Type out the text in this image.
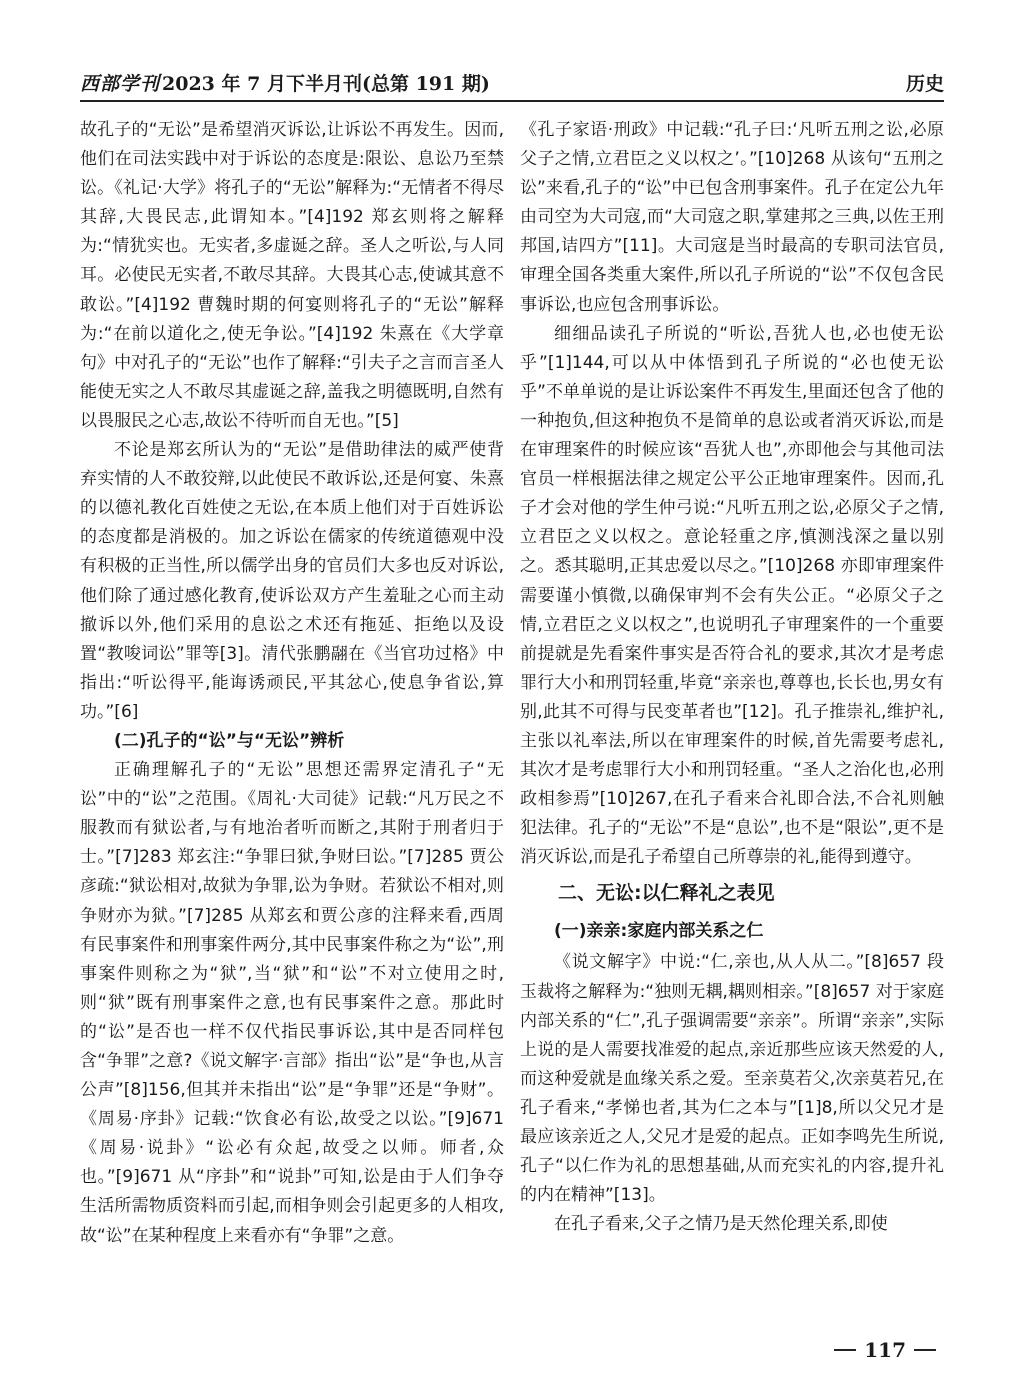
西部学刊 2023 年 7 月下半月刊(总第 191 期)	历史

故孔子的“无讼”是希望消灭诉讼,让诉讼不再发生。因而,他们在司法实践中对于诉讼的态度是:限讼、息讼乃至禁讼。《礼记·大学》将孔子的“无讼”解释为:“无情者不得尽其辞,大畏民志,此谓知本。”[4]192 郑玄则将之解释为:“情犹实也。无实者,多虚诞之辞。圣人之听讼,与人同耳。必使民无实者,不敢尽其辞。大畏其心志,使诚其意不敢讼。”[4]192 曹魏时期的何宴则将孔子的“无讼”解释为:“在前以道化之,使无争讼。”[4]192 朱熹在《大学章句》中对孔子的“无讼”也作了解释:“引夫子之言而言圣人能使无实之人不敢尽其虚诞之辞,盖我之明德既明,自然有以畏服民之心志,故讼不待听而自无也。”[5]

不论是郑玄所认为的“无讼”是借助律法的威严使背弃实情的人不敢狡辩,以此使民不敢诉讼,还是何宴、朱熹的以德礼教化百姓使之无讼,在本质上他们对于百姓诉讼的态度都是消极的。加之诉讼在儒家的传统道德观中没有积极的正当性,所以儒学出身的官员们大多也反对诉讼,他们除了通过感化教育,使诉讼双方产生羞耻之心而主动撤诉以外,他们采用的息讼之术还有拖延、拒绝以及设置“教唆词讼”罪等[3]。清代张鹏翮在《当官功过格》中指出:“听讼得平,能诲诱顽民,平其忿心,使息争省讼,算功。”[6]

(二)孔子的“讼”与“无讼”辨析

正确理解孔子的“无讼”思想还需界定清孔子“无讼”中的“讼”之范围。《周礼·大司徒》记载:“凡万民之不服教而有狱讼者,与有地治者听而断之,其附于刑者归于士。”[7]283 郑玄注:“争罪曰狱,争财曰讼。”[7]285 贾公彦疏:“狱讼相对,故狱为争罪,讼为争财。若狱讼不相对,则争财亦为狱。”[7]285 从郑玄和贾公彦的注释来看,西周有民事案件和刑事案件两分,其中民事案件称之为“讼”,刑事案件则称之为“狱”,当“狱”和“讼”不对立使用之时,则“狱”既有刑事案件之意,也有民事案件之意。那此时的“讼”是否也一样不仅代指民事诉讼,其中是否同样包含“争罪”之意?《说文解字·言部》指出“讼”是“争也,从言公声”[8]156,但其并未指出“讼”是“争罪”还是“争财”。《周易·序卦》记载:“饮食必有讼,故受之以讼。”[9]671《周易·说卦》“讼必有众起,故受之以师。师者,众也。”[9]671 从“序卦”和“说卦”可知,讼是由于人们争夺生活所需物质资料而引起,而相争则会引起更多的人相攻,故“讼”在某种程度上来看亦有“争罪”之意。

《孔子家语·刑政》中记载:“孔子曰:‘凡听五刑之讼,必原父子之情,立君臣之义以权之’。”[10]268 从该句“五刑之讼”来看,孔子的“讼”中已包含刑事案件。孔子在定公九年由司空为大司寇,而“大司寇之职,掌建邦之三典,以佐王刑邦国,诘四方”[11]。大司寇是当时最高的专职司法官员,审理全国各类重大案件,所以孔子所说的“讼”不仅包含民事诉讼,也应包含刑事诉讼。

细细品读孔子所说的“听讼,吾犹人也,必也使无讼乎”[1]144,可以从中体悟到孔子所说的“必也使无讼乎”不单单说的是让诉讼案件不再发生,里面还包含了他的一种抱负,但这种抱负不是简单的息讼或者消灭诉讼,而是在审理案件的时候应该“吾犹人也”,亦即他会与其他司法官员一样根据法律之规定公平公正地审理案件。因而,孔子才会对他的学生仲弓说:“凡听五刑之讼,必原父子之情,立君臣之义以权之。意论轻重之序,慎测浅深之量以别之。悉其聪明,正其忠爱以尽之。”[10]268 亦即审理案件需要谨小慎微,以确保审判不会有失公正。“必原父子之情,立君臣之义以权之”,也说明孔子审理案件的一个重要前提就是先看案件事实是否符合礼的要求,其次才是考虑罪行大小和刑罚轻重,毕竟“亲亲也,尊尊也,长长也,男女有别,此其不可得与民变革者也”[12]。孔子推崇礼,维护礼,主张以礼率法,所以在审理案件的时候,首先需要考虑礼,其次才是考虑罪行大小和刑罚轻重。“圣人之治化也,必刑政相参焉”[10]267,在孔子看来合礼即合法,不合礼则触犯法律。孔子的“无讼”不是“息讼”,也不是“限讼”,更不是消灭诉讼,而是孔子希望自己所尊崇的礼,能得到遵守。

二、无讼:以仁释礼之表见
(一)亲亲:家庭内部关系之仁

《说文解字》中说:“仁,亲也,从人从二。”[8]657 段玉裁将之解释为:“独则无耦,耦则相亲。”[8]657 对于家庭内部关系的“仁”,孔子强调需要“亲亲”。所谓“亲亲”,实际上说的是人需要找准爱的起点,亲近那些应该天然爱的人,而这种爱就是血缘关系之爱。至亲莫若父,次亲莫若兄,在孔子看来,“孝悌也者,其为仁之本与”[1]8,所以父兄才是最应该亲近之人,父兄才是爱的起点。正如李鸣先生所说,孔子“以仁作为礼的思想基础,从而充实礼的内容,提升礼的内在精神”[13]。

在孔子看来,父子之情乃是天然伦理关系,即使

117
